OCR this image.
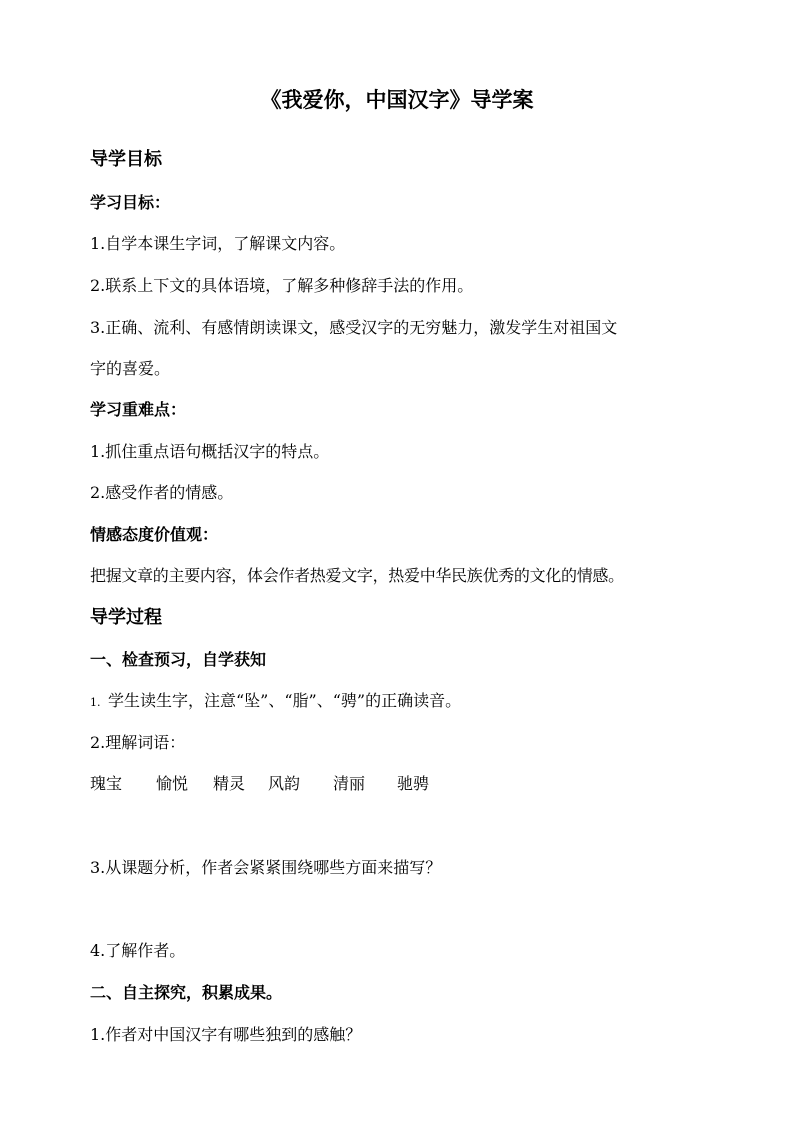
《我爱你，中国汉字》导学案
导学目标
学习目标：
1.自学本课生字词，了解课文内容。
2.联系上下文的具体语境，了解多种修辞手法的作用。
3.正确、流利、有感情朗读课文，感受汉字的无穷魅力，激发学生对祖国文
字的喜爱。
学习重难点：
1.抓住重点语句概括汉字的特点。
2.感受作者的情感。
情感态度价值观：
把握文章的主要内容，体会作者热爱文字，热爱中华民族优秀的文化的情感。
导学过程
一、检查预习，自学获知
1. 学生读生字，注意“坠”、“脂”、“骋”的正确读音。
2.理解词语：
瑰宝 愉悦 精灵 风韵 清丽 驰骋
3.从课题分析，作者会紧紧围绕哪些方面来描写？
4.了解作者。
二、自主探究，积累成果。
1.作者对中国汉字有哪些独到的感触？
